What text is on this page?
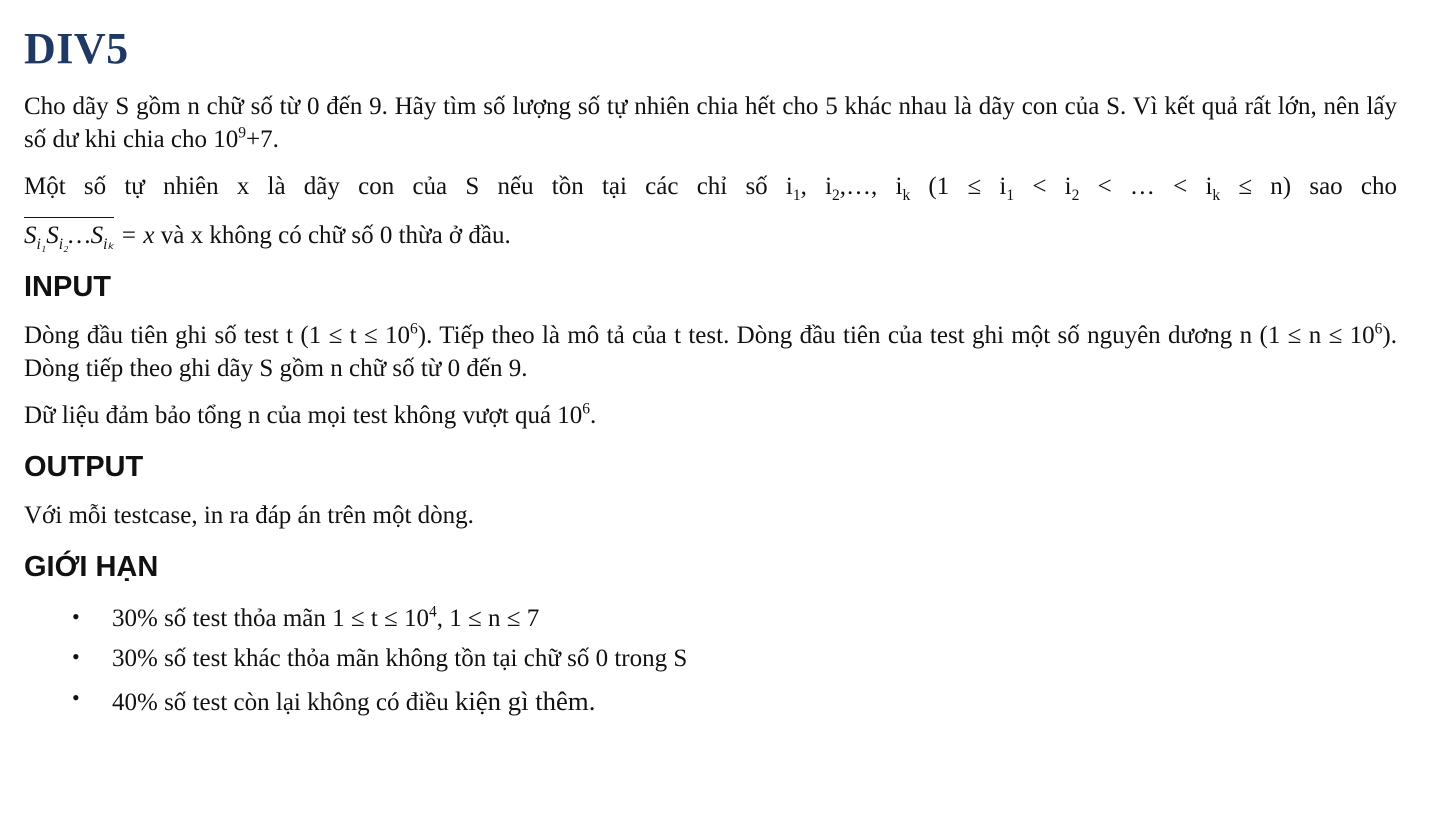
DIV5

Cho dãy S gồm n chữ số từ 0 đến 9. Hãy tìm số lượng số tự nhiên chia hết cho 5 khác nhau là dãy con của S. Vì kết quả rất lớn, nên lấy số dư khi chia cho $10^9+7$.

Một số tự nhiên x là dãy con của S nếu tồn tại các chỉ số $i_1$, $i_2,\dots$, $i_k$ ($1 \le i_1 < i_2$ < … < $i_k \le n$) sao cho

$S_{i_1}S_{i_2}\dots S_{i_k} = x$ và x không có chữ số 0 thừa ở đầu.

INPUT

Dòng đầu tiên ghi số test t $(1 \le t \le 10^6)$. Tiếp theo là mô tả của t test. Dòng đầu tiên của test ghi một số nguyên dương n $(1 \le n \le 10^6)$. Dòng tiếp theo ghi dãy S gồm n chữ số từ 0 đến 9.

Dữ liệu đảm bảo tổng n của mọi test không vượt quá $10^6$.

OUTPUT

Với mỗi testcase, in ra đáp án trên một dòng.

GIỚI HẠN
• 30% số test thỏa mãn $1 \le t \le 10^4$, 1 ≤ n ≤ 7
• 30% số test khác thỏa mãn không tồn tại chữ số 0 trong S
• 40% số test còn lại không có điều kiện gì thêm.
